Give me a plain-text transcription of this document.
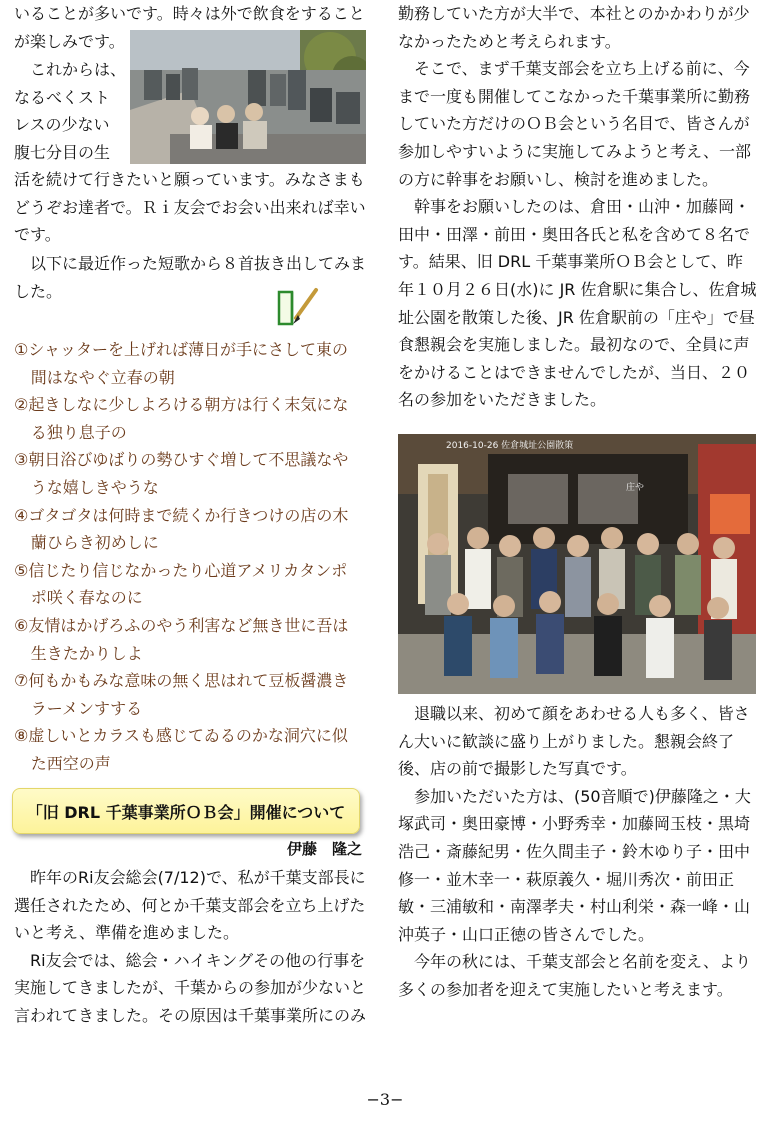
いることが多いです。時々は外で飲食をすること

が楽しみです。

これからは、

なるべくスト

レスの少ない

腹七分目の生

活を続けて行きたいと願っています。みなさまもどうぞお達者で。Ｒｉ友会でお会い出来れば幸いです。

以下に最近作った短歌から８首抜き出してみました。

①シャッターを上げれば薄日が手にさして東の間はなやぐ立春の朝
②起きしなに少しよろける朝方は行く末気になる独り息子の
③朝日浴びゆばりの勢ひすぐ増して不思議なやうな嬉しきやうな
④ゴタゴタは何時まで続くか行きつけの店の木蘭ひらき初めしに
⑤信じたり信じなかったり心道アメリカタンポポ咲く春なのに
⑥友情はかげろふのやう利害など無き世に吾は生きたかりしよ
⑦何もかもみな意味の無く思はれて豆板醤濃きラーメンすする
⑧虚しいとカラスも感じてゐるのかな洞穴に似た西空の声
伊藤　隆之

昨年のRi友会総会(7/12)で、私が千葉支部長に選任されたため、何とか千葉支部会を立ち上げたいと考え、準備を進めました。

Ri友会では、総会・ハイキングその他の行事を実施してきましたが、千葉からの参加が少ないと言われてきました。その原因は千葉事業所にのみ

「旧 DRL 千葉事業所ＯＢ会」開催について

勤務していた方が大半で、本社とのかかわりが少なかったためと考えられます。

そこで、まず千葉支部会を立ち上げる前に、今まで一度も開催してこなかった千葉事業所に勤務していた方だけのＯＢ会という名目で、皆さんが参加しやすいように実施してみようと考え、一部の方に幹事をお願いし、検討を進めました。

幹事をお願いしたのは、倉田・山沖・加藤岡・田中・田澤・前田・奥田各氏と私を含めて８名です。結果、旧 DRL 千葉事業所ＯＢ会として、昨年１０月２６日(水)に JR 佐倉駅に集合し、佐倉城址公園を散策した後、JR 佐倉駅前の「庄や」で昼食懇親会を実施しました。最初なので、全員に声をかけることはできませんでしたが、当日、２０名の参加をいただきました。

退職以来、初めて顔をあわせる人も多く、皆さん大いに歓談に盛り上がりました。懇親会終了後、店の前で撮影した写真です。

参加いただいた方は、(50音順で)伊藤隆之・大塚武司・奥田豪博・小野秀幸・加藤岡玉枝・黒埼浩己・斎藤紀男・佐久間圭子・鈴木ゆり子・田中修一・並木幸一・萩原義久・堀川秀次・前田正敏・三浦敏和・南澤孝夫・村山利栄・森一峰・山沖英子・山口正徳の皆さんでした。

今年の秋には、千葉支部会と名前を変え、より多くの参加者を迎えて実施したいと考えます。

2016-10-26 佐倉城址公園散策
庄や
−3−
